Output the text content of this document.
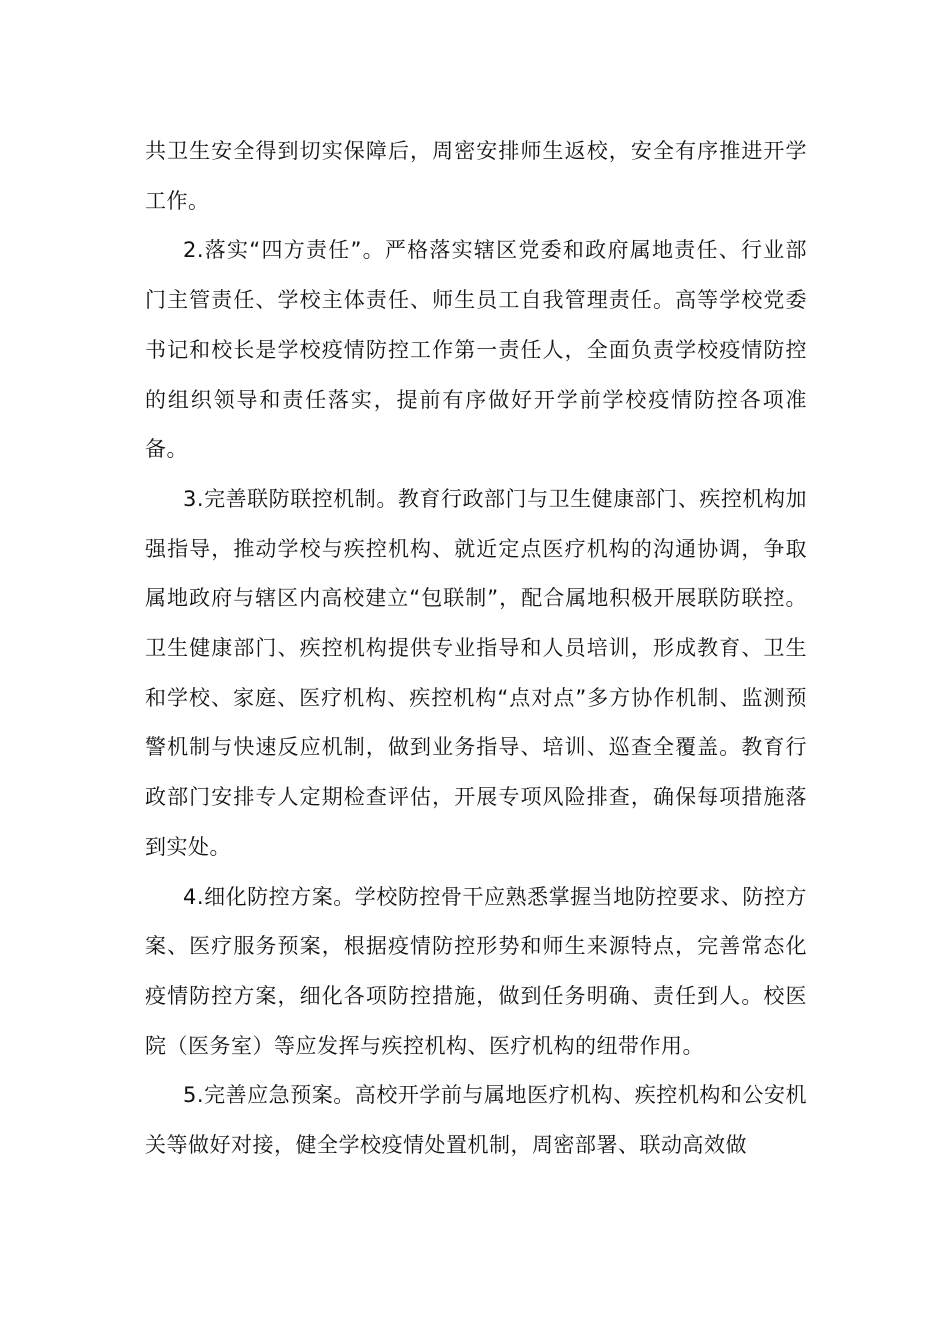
共卫生安全得到切实保障后，周密安排师生返校，安全有序推进开学工作。

2.落实“四方责任”。严格落实辖区党委和政府属地责任、行业部门主管责任、学校主体责任、师生员工自我管理责任。高等学校党委书记和校长是学校疫情防控工作第一责任人，全面负责学校疫情防控的组织领导和责任落实，提前有序做好开学前学校疫情防控各项准备。

3.完善联防联控机制。教育行政部门与卫生健康部门、疾控机构加强指导，推动学校与疾控机构、就近定点医疗机构的沟通协调，争取属地政府与辖区内高校建立“包联制”，配合属地积极开展联防联控。卫生健康部门、疾控机构提供专业指导和人员培训，形成教育、卫生和学校、家庭、医疗机构、疾控机构“点对点”多方协作机制、监测预警机制与快速反应机制，做到业务指导、培训、巡查全覆盖。教育行政部门安排专人定期检查评估，开展专项风险排查，确保每项措施落到实处。

4.细化防控方案。学校防控骨干应熟悉掌握当地防控要求、防控方案、医疗服务预案，根据疫情防控形势和师生来源特点，完善常态化疫情防控方案，细化各项防控措施，做到任务明确、责任到人。校医院（医务室）等应发挥与疾控机构、医疗机构的纽带作用。

5.完善应急预案。高校开学前与属地医疗机构、疾控机构和公安机关等做好对接，健全学校疫情处置机制，周密部署、联动高效做
